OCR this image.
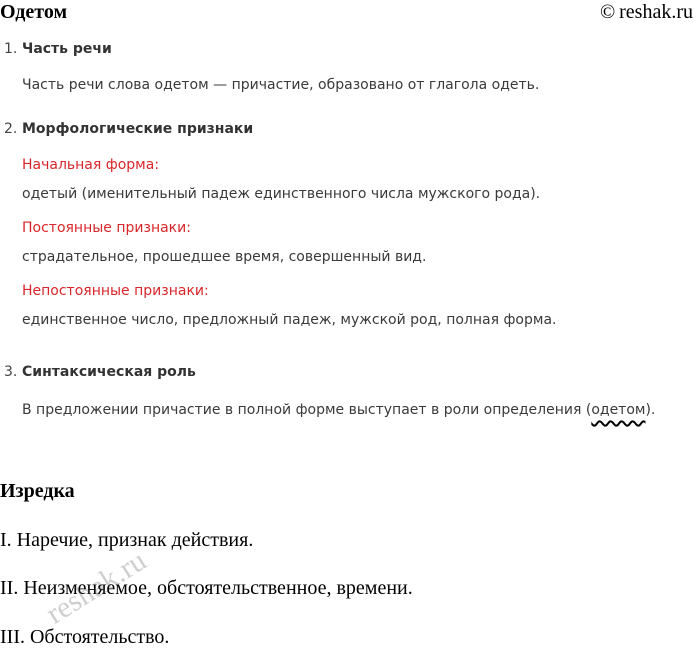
Одетом	© reshak.ru
1. Часть речи
Часть речи слова одетом — причастие, образовано от глагола одеть.
2. Морфологические признаки
Начальная форма:
одетый (именительный падеж единственного числа мужского рода).
Постоянные признаки:
страдательное, прошедшее время, совершенный вид.
Непостоянные признаки:
единственное число, предложный падеж, мужской род, полная форма.
3. Синтаксическая роль
В предложении причастие в полной форме выступает в роли определения (одетом).
Изредка
I. Наречие, признак действия.
II. Неизменяемое, обстоятельственное, времени.
III. Обстоятельство.
reshak.ru
